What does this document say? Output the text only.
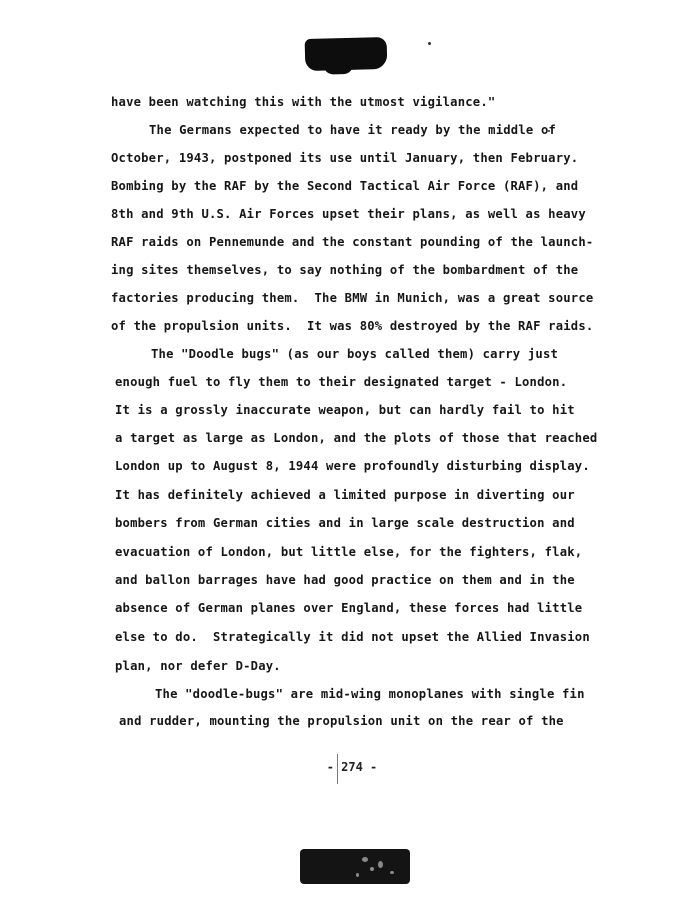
have been watching this with the utmost vigilance."
The Germans expected to have it ready by the middle of
October, 1943, postponed its use until January, then February.
Bombing by the RAF by the Second Tactical Air Force (RAF), and
8th and 9th U.S. Air Forces upset their plans, as well as heavy
RAF raids on Pennemunde and the constant pounding of the launch-
ing sites themselves, to say nothing of the bombardment of the
factories producing them.  The BMW in Munich, was a great source
of the propulsion units.  It was 80% destroyed by the RAF raids.
The "Doodle bugs" (as our boys called them) carry just
enough fuel to fly them to their designated target - London.
It is a grossly inaccurate weapon, but can hardly fail to hit
a target as large as London, and the plots of those that reached
London up to August 8, 1944 were profoundly disturbing display.
It has definitely achieved a limited purpose in diverting our
bombers from German cities and in large scale destruction and
evacuation of London, but little else, for the fighters, flak,
and ballon barrages have had good practice on them and in the
absence of German planes over England, these forces had little
else to do.  Strategically it did not upset the Allied Invasion
plan, nor defer D-Day.
The "doodle-bugs" are mid-wing monoplanes with single fin
and rudder, mounting the propulsion unit on the rear of the
- 274 -
